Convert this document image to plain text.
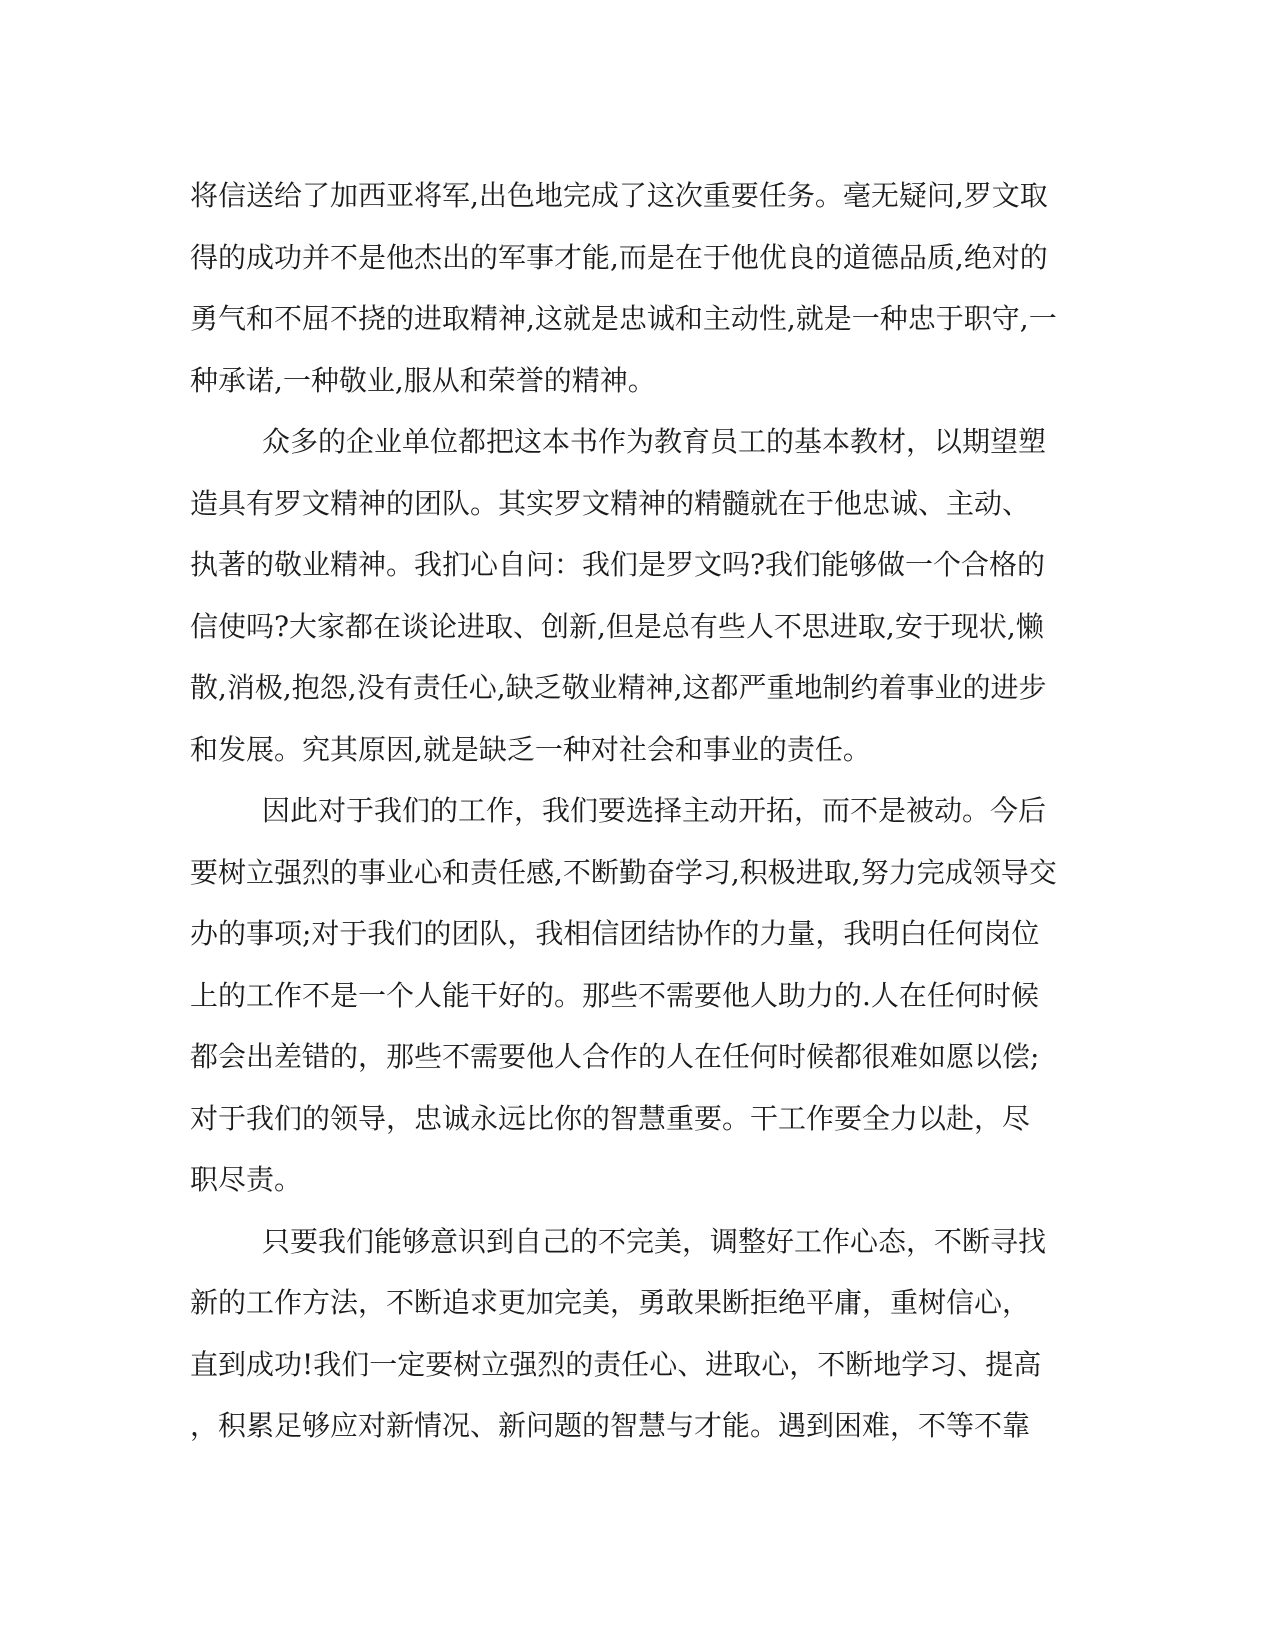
将信送给了加西亚将军,出色地完成了这次重要任务。毫无疑问,罗文取
得的成功并不是他杰出的军事才能,而是在于他优良的道德品质,绝对的
勇气和不屈不挠的进取精神,这就是忠诚和主动性,就是一种忠于职守,一
种承诺,一种敬业,服从和荣誉的精神。
众多的企业单位都把这本书作为教育员工的基本教材，以期望塑
造具有罗文精神的团队。其实罗文精神的精髓就在于他忠诚、主动、
执著的敬业精神。我扪心自问：我们是罗文吗?我们能够做一个合格的
信使吗?大家都在谈论进取、创新,但是总有些人不思进取,安于现状,懒
散,消极,抱怨,没有责任心,缺乏敬业精神,这都严重地制约着事业的进步
和发展。究其原因,就是缺乏一种对社会和事业的责任。
因此对于我们的工作，我们要选择主动开拓，而不是被动。今后
要树立强烈的事业心和责任感,不断勤奋学习,积极进取,努力完成领导交
办的事项;对于我们的团队，我相信团结协作的力量，我明白任何岗位
上的工作不是一个人能干好的。那些不需要他人助力的.人在任何时候
都会出差错的，那些不需要他人合作的人在任何时候都很难如愿以偿;
对于我们的领导，忠诚永远比你的智慧重要。干工作要全力以赴，尽
职尽责。
只要我们能够意识到自己的不完美，调整好工作心态，不断寻找
新的工作方法，不断追求更加完美，勇敢果断拒绝平庸，重树信心，
直到成功!我们一定要树立强烈的责任心、进取心，不断地学习、提高
，积累足够应对新情况、新问题的智慧与才能。遇到困难，不等不靠
